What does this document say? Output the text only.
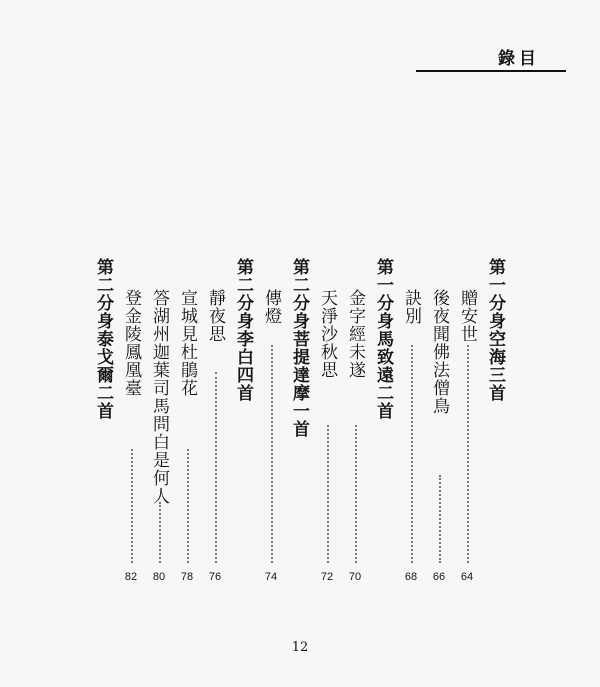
錄目
第一分身空海三首
贈安世
64
後夜聞佛法僧鳥
66
訣別
68
第一分身馬致遠二首
金字經未遂
70
天淨沙秋思
72
第二分身菩提達摩一首
傳燈
74
第二分身李白四首
靜夜思
76
宣城見杜鵑花
78
答湖州迦葉司馬問白是何人
80
登金陵鳳凰臺
82
第二分身泰戈爾二首
12
